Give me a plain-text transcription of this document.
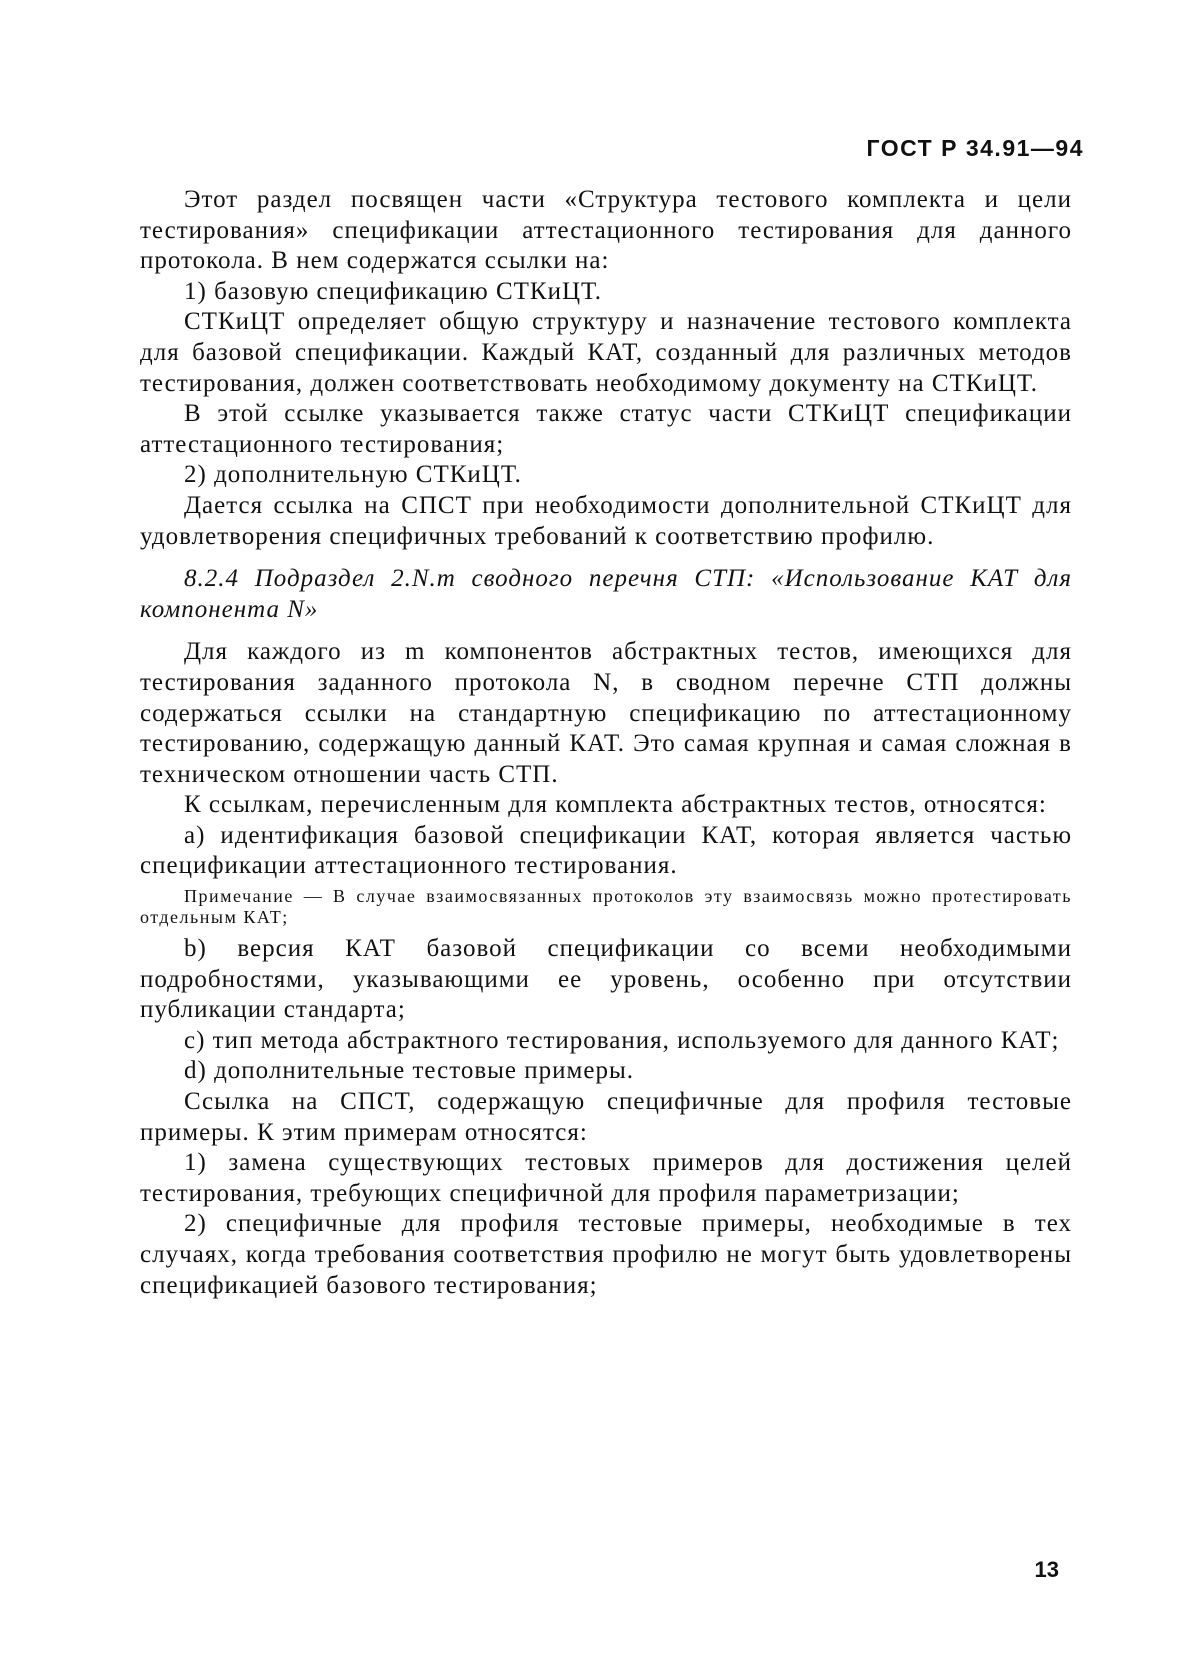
ГОСТ Р 34.91—94

Этот раздел посвящен части «Структура тестового комплекта и цели тестирования» спецификации аттестационного тестирования для данного протокола. В нем содержатся ссылки на:

1) базовую спецификацию СТКиЦТ.

СТКиЦТ определяет общую структуру и назначение тестового комплекта для базовой спецификации. Каждый КАТ, созданный для различных методов тестирования, должен соответствовать необходимому документу на СТКиЦТ.

В этой ссылке указывается также статус части СТКиЦТ спецификации аттестационного тестирования;

2) дополнительную СТКиЦТ.

Дается ссылка на СПСТ при необходимости дополнительной СТКиЦТ для удовлетворения специфичных требований к соответствию профилю.

8.2.4 Подраздел 2.N.m сводного перечня СТП: «Использование КАТ для компонента N»

Для каждого из m компонентов абстрактных тестов, имеющихся для тестирования заданного протокола N, в сводном перечне СТП должны содержаться ссылки на стандартную спецификацию по аттестационному тестированию, содержащую данный КАТ. Это самая крупная и самая сложная в техническом отношении часть СТП.

К ссылкам, перечисленным для комплекта абстрактных тестов, относятся:

a) идентификация базовой спецификации КАТ, которая является частью спецификации аттестационного тестирования.

Примечание — В случае взаимосвязанных протоколов эту взаимосвязь можно протестировать отдельным КАТ;

b) версия КАТ базовой спецификации со всеми необходимыми подробностями, указывающими ее уровень, особенно при отсутствии публикации стандарта;

c) тип метода абстрактного тестирования, используемого для данного КАТ;

d) дополнительные тестовые примеры.

Ссылка на СПСТ, содержащую специфичные для профиля тестовые примеры. К этим примерам относятся:

1) замена существующих тестовых примеров для достижения целей тестирования, требующих специфичной для профиля параметризации;

2) специфичные для профиля тестовые примеры, необходимые в тех случаях, когда требования соответствия профилю не могут быть удовлетворены спецификацией базового тестирования;

13
